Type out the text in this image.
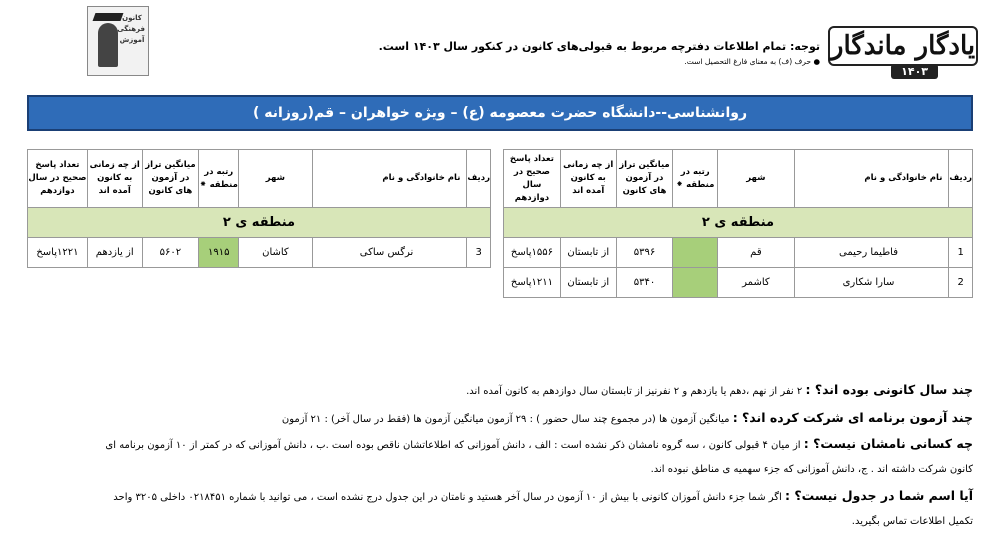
یادگار ماندگار
۱۴۰۳
توجه: تمام اطلاعات دفترچه مربوط به قبولی‌های کانون در کنکور سال ۱۴۰۳ است.
● حرف (ف) به معنای فارغ التحصیل است.
کانون فرهنگی آموزش
روانشناسی--دانشگاه حضرت معصومه (ع) – ویژه خواهران – قم(روزانه )
ردیف	نام خانوادگی و نام	شهر	رتبه در منطقه ⁕	میانگین تراز در آزمون های کانون	از چه زمانی به کانون آمده اند	تعداد پاسخ صحیح در سال دوازدهم
منطقه ی ۲						
1	فاطیما رحیمی	قم		۵۳۹۶	از تابستان	۱۵۵۶پاسخ
2	سارا شکاری	کاشمر		۵۳۴۰	از تابستان	۱۲۱۱پاسخ
ردیف	نام خانوادگی و نام	شهر	رتبه در منطقه ⁕	میانگین تراز در آزمون های کانون	از چه زمانی به کانون آمده اند	تعداد پاسخ صحیح در سال دوازدهم
منطقه ی ۲						
3	نرگس ساکی	کاشان	۱۹۱۵	۵۶۰۲	از یازدهم	۱۲۲۱پاسخ
چند سال کانونی بوده اند؟ : ۲ نفر از نهم ،دهم یا یازدهم و ۲ نفرنیز از تابستان سال دوازدهم به کانون آمده اند.
چند آزمون برنامه ای شرکت کرده اند؟ : میانگین آزمون ها (در مجموع چند سال حضور ) : ۲۹ آزمون میانگین آزمون ها (فقط در سال آخر) : ۲۱ آزمون
چه کسانی نامشان نیست؟ : از میان ۴ قبولی کانون ، سه گروه نامشان ذکر نشده است : الف ، دانش آموزانی که اطلاعاتشان ناقص بوده است .ب ، دانش آموزانی که در کمتر از ۱۰ آزمون برنامه ای
کانون شرکت داشته اند . ج، دانش آموزانی که جزء سهمیه ی مناطق نبوده اند.
آیا اسم شما در جدول نیست؟ : اگر شما جزء دانش آموزان کانونی با بیش از ۱۰ آزمون در سال آخر هستید و نامتان در این جدول درج نشده است ، می توانید با شماره ۰۲۱۸۴۵۱ داخلی ۳۲۰۵ واحد
تکمیل اطلاعات تماس بگیرید.
